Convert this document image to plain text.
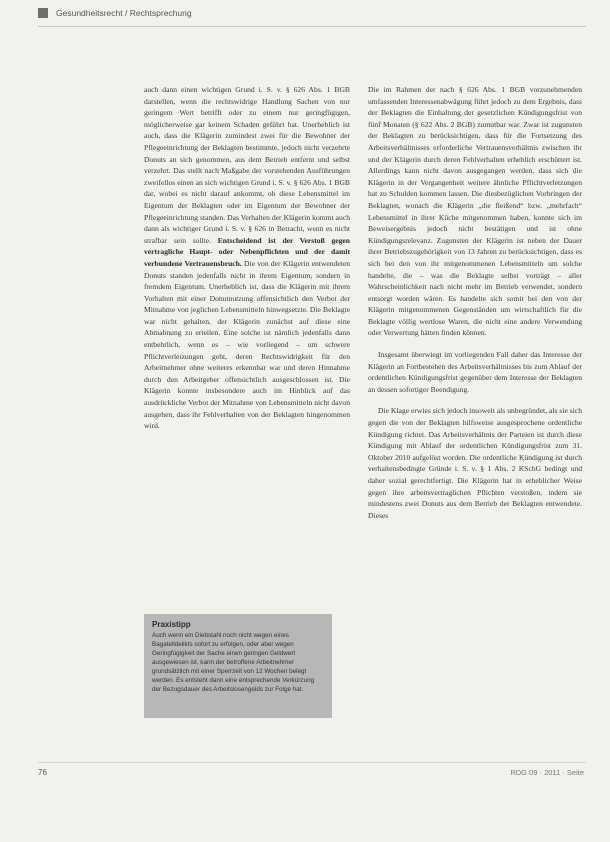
Gesundheitsrecht / Rechtsprechung

auch dann einen wichtigen Grund i. S. v. § 626 Abs. 1 BGB darstellen, wenn die rechtswidrige Handlung Sachen von nur geringem Wert betrifft oder zu einem nur geringfügigen, möglicherweise gar keinem Schaden geführt hat. Unerheblich ist auch, dass die Klägerin zumindest zwei für die Bewohner der Pflegeeinrichtung der Beklagten bestimmte, jedoch nicht verzehrte Donuts an sich genommen, aus dem Betrieb entfernt und selbst verzehrt. Das stellt nach Maßgabe der vorstehenden Ausführungen zweifellos einen an sich wichtigen Grund i. S. v. § 626 Abs. 1 BGB dar, wobei es nicht darauf ankommt, ob diese Lebensmittel im Eigentum der Beklagten oder im Eigentum der Bewohner der Pflegeeinrichtung standen. Das Verhalten der Klägerin kommt auch dann als wichtiger Grund i. S. v. § 626 in Betracht, wenn es nicht strafbar sein sollte. Entscheidend ist der Verstoß gegen vertragliche Haupt- oder Nebenpflichten und der damit verbundene Vertrauensbruch. Die von der Klägerin entwendeten Donuts standen jedenfalls nicht in ihrem Eigentum, sondern in fremdem Eigentum. Unerheblich ist, dass die Klägerin mit ihrem Vorhalten mit einer Donutnutzung offensichtlich den Verbot der Mitnahme von jeglichen Lebensmitteln hinwegsetzte. Die Beklagte war nicht gehalten, der Klägerin zunächst auf diese eine Abmahnung zu erteilen. Eine solche ist nämlich jedenfalls dann entbehrlich, wenn es – wie vorliegend – um schwere Pflichtverletzungen geht, deren Rechtswidrigkeit für den Arbeitnehmer ohne weiteres erkennbar war und deren Hinnahme durch den Arbeitgeber offensichtlich ausgeschlossen ist. Die Klägerin konnte insbesondere auch im Hinblick auf das ausdrückliche Verbot der Mitnahme von Lebensmitteln nicht davon ausgehen, dass ihr Fehlverhalten von der Beklagten hingenommen wird.

Praxistipp
Auch wenn ein Diebstahl noch nicht wegen eines Bagatelldelikts sofort zu erfolgen, oder aber wegen Geringfügigkeit der Sache einen geringen Geldwert ausgewiesen ist, kann der betroffene Arbeitnehmer grundsätzlich mit einer Sperrzeit von 12 Wochen belegt werden. Es entsteht dann eine entsprechende Verkürzung der Bezugsdauer des Arbeitslosengelds zur Folge hat.

Die im Rahmen der nach § 626 Abs. 1 BGB vorzunehmenden umfassenden Interessenabwägung führt jedoch zu dem Ergebnis, dass der Beklagten die Einhaltung der gesetzlichen Kündigungsfrist von fünf Monaten (§ 622 Abs. 2 BGB) zumutbar war. Zwar ist zugunsten der Beklagten zu berücksichtigen, dass für die Fortsetzung des Arbeitsverhältnisses erforderliche Vertrauensverhältnis zwischen ihr und der Klägerin durch deren Fehlverhalten erheblich erschüttert ist. Allerdings kann nicht davon ausgegangen werden, dass sich die Klägerin in der Vergangenheit weitere ähnliche Pflichtverletzungen hat zu Schulden kommen lassen. Die diesbezüglichen Vorbringen der Beklagten, wonach die Klägerin „die fleißend“ bzw. „mehrfach“ Lebensmittel in ihrer Küche mitgenommen haben, konnte sich im Beweisergebnis jedoch nicht bestätigen und ist ohne Kündigungsrelevanz. Zugunsten der Klägerin ist neben der Dauer ihrer Betriebszugehörigkeit von 13 Jahren zu berücksichtigen, dass es sich bei den von ihr mitgenommenen Lebensmitteln um solche handelte, die – was die Beklagte selbst vorträgt – aller Wahrscheinlichkeit nach nicht mehr im Betrieb verwendet, sondern entsorgt worden wären. Es handelte sich somit bei den von der Klägerin mitgenommenen Gegenständen um wirtschaftlich für die Beklagte völlig wertlose Waren, die nicht eine andere Verwendung oder Verwertung hätten finden können.

Insgesamt überwiegt im vorliegenden Fall daher das Interesse der Klägerin an Fortbestehen des Arbeitsverhältnisses bis zum Ablauf der ordentlichen Kündigungsfrist gegenüber dem Interesse der Beklagten an dessen sofortiger Beendigung.

Die Klage erwies sich jedoch insoweit als unbegründet, als sie sich gegen die von der Beklagten hilfsweise ausgesprochene ordentliche Kündigung richtet. Das Arbeitsverhältnis der Parteien ist durch diese Kündigung mit Ablauf der ordentlichen Kündigungsfrist zum 31. Oktober 2010 aufgelöst worden. Die ordentliche Kündigung ist durch verhaltensbedingte Gründe i. S. v. § 1 Abs. 2 KSchG bedingt und daher sozial gerechtfertigt. Die Klägerin hat in erheblicher Weise gegen ihre arbeitsvertraglichen Pflichten verstoßen, indem sie mindestens zwei Donuts aus dem Betrieb der Beklagten entwendete. Dieses

76	RDG 09 · 2011 · Seite
